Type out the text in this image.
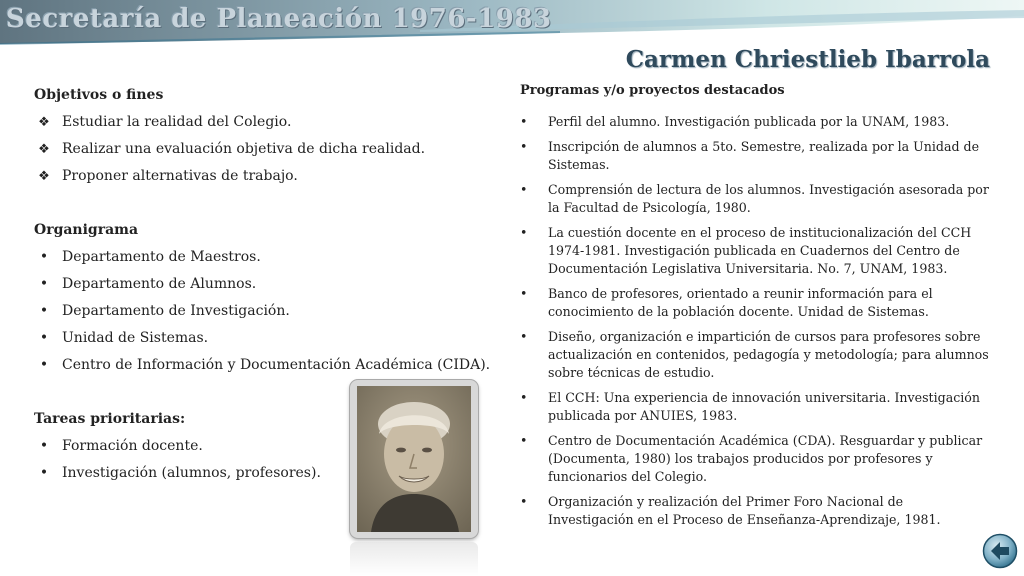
Secretaría de Planeación 1976-1983
Carmen Chriestlieb Ibarrola
Objetivos o fines
❖ Estudiar la realidad del Colegio.
❖ Realizar una evaluación objetiva de dicha realidad.
❖ Proponer alternativas de trabajo.
Organigrama
• Departamento de Maestros.
• Departamento de Alumnos.
• Departamento de Investigación.
• Unidad de Sistemas.
• Centro de Información y Documentación Académica (CIDA).
Tareas prioritarias:
• Formación docente.
• Investigación (alumnos, profesores).
Programas y/o proyectos destacados
• Perfil del alumno. Investigación publicada por la UNAM, 1983.
• Inscripción de alumnos a 5to. Semestre, realizada por la Unidad de Sistemas.
• Comprensión de lectura de los alumnos. Investigación asesorada por la Facultad de Psicología, 1980.
• La cuestión docente en el proceso de institucionalización del CCH 1974-1981. Investigación publicada en Cuadernos del Centro de Documentación Legislativa Universitaria. No. 7, UNAM, 1983.
• Banco de profesores, orientado a reunir información para el conocimiento de la población docente. Unidad de Sistemas.
• Diseño, organización e impartición de cursos para profesores sobre actualización en contenidos, pedagogía y metodología; para alumnos sobre técnicas de estudio.
• El CCH: Una experiencia de innovación universitaria. Investigación publicada por ANUIES, 1983.
• Centro de Documentación Académica (CDA). Resguardar y publicar (Documenta, 1980) los trabajos producidos por profesores y funcionarios del Colegio.
• Organización y realización del Primer Foro Nacional de Investigación en el Proceso de Enseñanza-Aprendizaje, 1981.
